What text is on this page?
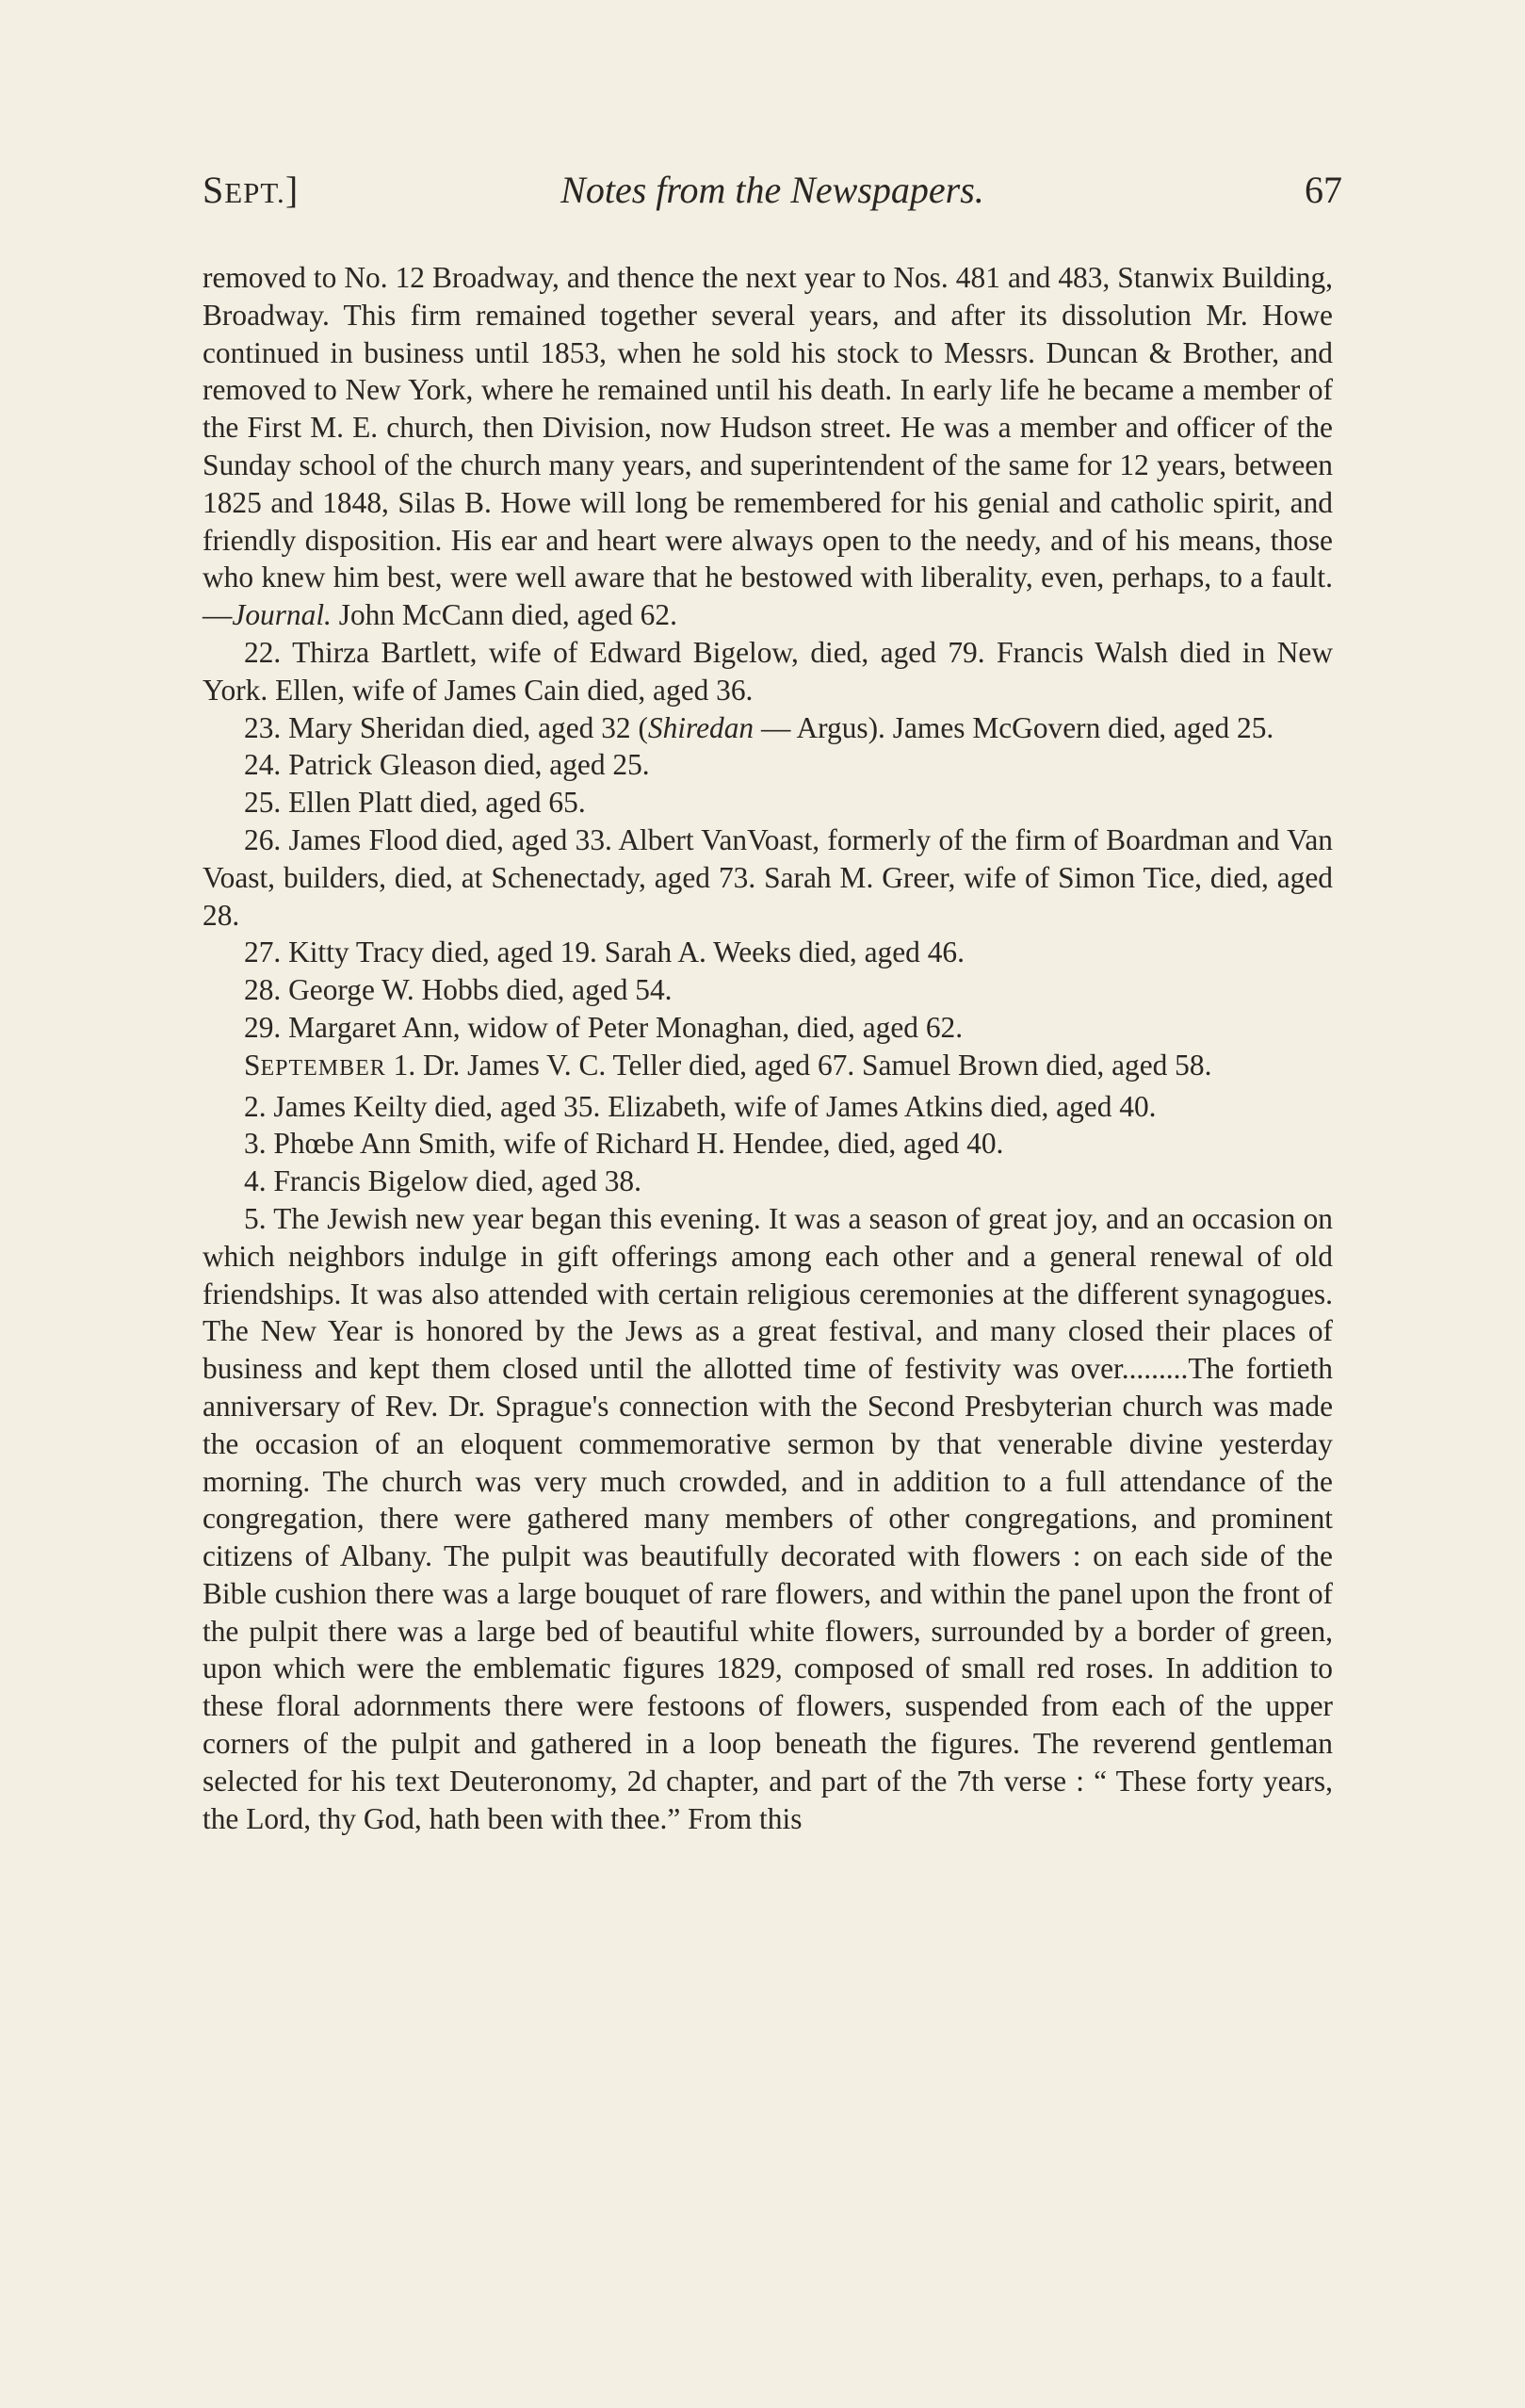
SEPT.]	Notes from the Newspapers.	67

removed to No. 12 Broadway, and thence the next year to Nos. 481 and 483, Stanwix Building, Broadway. This firm remained together several years, and after its dissolution Mr. Howe continued in business until 1853, when he sold his stock to Messrs. Duncan & Brother, and removed to New York, where he remained until his death. In early life he became a member of the First M. E. church, then Division, now Hudson street. He was a member and officer of the Sunday school of the church many years, and superintendent of the same for 12 years, between 1825 and 1848, Silas B. Howe will long be remembered for his genial and catholic spirit, and friendly disposition. His ear and heart were always open to the needy, and of his means, those who knew him best, were well aware that he bestowed with liberality, even, perhaps, to a fault.—Journal. John McCann died, aged 62.

22. Thirza Bartlett, wife of Edward Bigelow, died, aged 79. Francis Walsh died in New York. Ellen, wife of James Cain died, aged 36.

23. Mary Sheridan died, aged 32 (Shiredan — Argus). James McGovern died, aged 25.

24. Patrick Gleason died, aged 25.

25. Ellen Platt died, aged 65.

26. James Flood died, aged 33. Albert VanVoast, formerly of the firm of Boardman and Van Voast, builders, died, at Schenectady, aged 73. Sarah M. Greer, wife of Simon Tice, died, aged 28.

27. Kitty Tracy died, aged 19. Sarah A. Weeks died, aged 46.

28. George W. Hobbs died, aged 54.

29. Margaret Ann, widow of Peter Monaghan, died, aged 62.

SEPTEMBER 1. Dr. James V. C. Teller died, aged 67. Samuel Brown died, aged 58.

2. James Keilty died, aged 35. Elizabeth, wife of James Atkins died, aged 40.

3. Phœbe Ann Smith, wife of Richard H. Hendee, died, aged 40.

4. Francis Bigelow died, aged 38.

5. The Jewish new year began this evening. It was a season of great joy, and an occasion on which neighbors indulge in gift offerings among each other and a general renewal of old friendships. It was also attended with certain religious ceremonies at the different synagogues. The New Year is honored by the Jews as a great festival, and many closed their places of business and kept them closed until the allotted time of festivity was over.........The fortieth anniversary of Rev. Dr. Sprague's connection with the Second Presbyterian church was made the occasion of an eloquent commemorative sermon by that venerable divine yesterday morning. The church was very much crowded, and in addition to a full attendance of the congregation, there were gathered many members of other congregations, and prominent citizens of Albany. The pulpit was beautifully decorated with flowers : on each side of the Bible cushion there was a large bouquet of rare flowers, and within the panel upon the front of the pulpit there was a large bed of beautiful white flowers, surrounded by a border of green, upon which were the emblematic figures 1829, composed of small red roses. In addition to these floral adornments there were festoons of flowers, suspended from each of the upper corners of the pulpit and gathered in a loop beneath the figures. The reverend gentleman selected for his text Deuteronomy, 2d chapter, and part of the 7th verse : “ These forty years, the Lord, thy God, hath been with thee.” From this
